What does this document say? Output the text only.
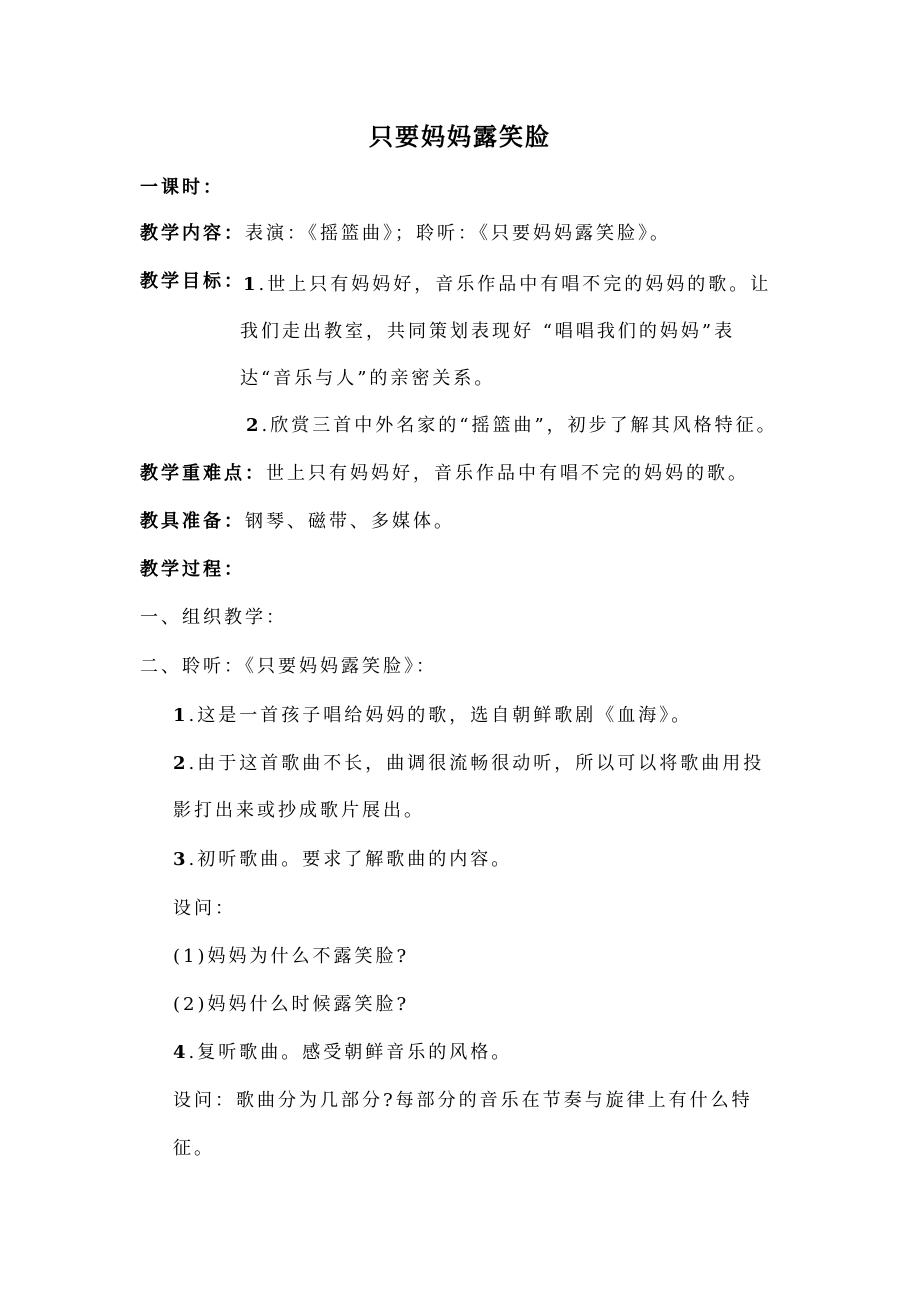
只要妈妈露笑脸
一课时：
教学内容：表演：《摇篮曲》；聆听：《只要妈妈露笑脸》。
教学目标：
1.世上只有妈妈好，音乐作品中有唱不完的妈妈的歌。让
我们走出教室，共同策划表现好 “唱唱我们的妈妈”表
达“音乐与人”的亲密关系。
2.欣赏三首中外名家的“摇篮曲”，初步了解其风格特征。
教学重难点：世上只有妈妈好，音乐作品中有唱不完的妈妈的歌。
教具准备：钢琴、磁带、多媒体。
教学过程：
一、组织教学：
二、聆听：《只要妈妈露笑脸》：
1.这是一首孩子唱给妈妈的歌，选自朝鲜歌剧《血海》。
2.由于这首歌曲不长，曲调很流畅很动听，所以可以将歌曲用投
影打出来或抄成歌片展出。
3.初听歌曲。要求了解歌曲的内容。
设问：
(1)妈妈为什么不露笑脸?
(2)妈妈什么时候露笑脸?
4.复听歌曲。感受朝鲜音乐的风格。
设问：歌曲分为几部分?每部分的音乐在节奏与旋律上有什么特
征。
